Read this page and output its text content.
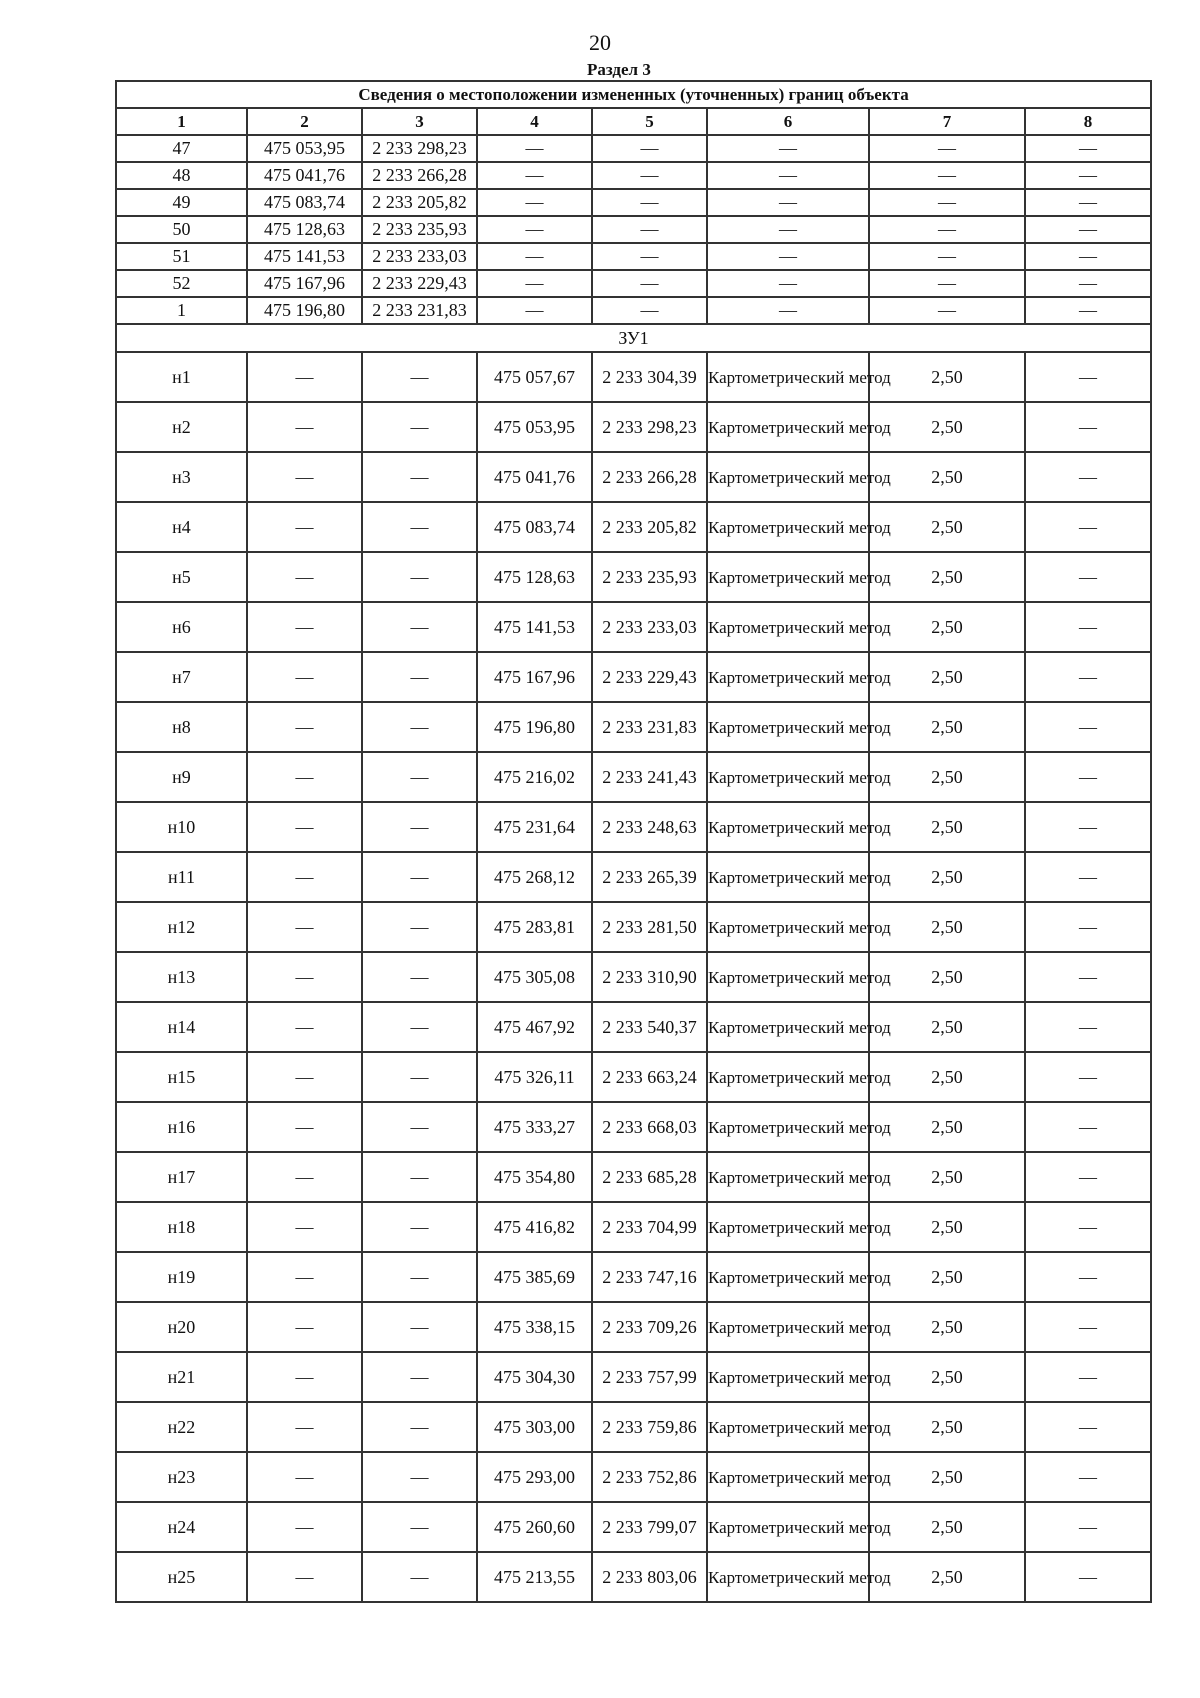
20
Раздел 3
Сведения о местоположении измененных (уточненных) границ объекта							
1	2	3	4	5	6	7	8
47	475 053,95	2 233 298,23	—	—	—	—	—
48	475 041,76	2 233 266,28	—	—	—	—	—
49	475 083,74	2 233 205,82	—	—	—	—	—
50	475 128,63	2 233 235,93	—	—	—	—	—
51	475 141,53	2 233 233,03	—	—	—	—	—
52	475 167,96	2 233 229,43	—	—	—	—	—
1	475 196,80	2 233 231,83	—	—	—	—	—
ЗУ1							
н1	—	—	475 057,67	2 233 304,39	Картометрический метод	2,50	—
н2	—	—	475 053,95	2 233 298,23	Картометрический метод	2,50	—
н3	—	—	475 041,76	2 233 266,28	Картометрический метод	2,50	—
н4	—	—	475 083,74	2 233 205,82	Картометрический метод	2,50	—
н5	—	—	475 128,63	2 233 235,93	Картометрический метод	2,50	—
н6	—	—	475 141,53	2 233 233,03	Картометрический метод	2,50	—
н7	—	—	475 167,96	2 233 229,43	Картометрический метод	2,50	—
н8	—	—	475 196,80	2 233 231,83	Картометрический метод	2,50	—
н9	—	—	475 216,02	2 233 241,43	Картометрический метод	2,50	—
н10	—	—	475 231,64	2 233 248,63	Картометрический метод	2,50	—
н11	—	—	475 268,12	2 233 265,39	Картометрический метод	2,50	—
н12	—	—	475 283,81	2 233 281,50	Картометрический метод	2,50	—
н13	—	—	475 305,08	2 233 310,90	Картометрический метод	2,50	—
н14	—	—	475 467,92	2 233 540,37	Картометрический метод	2,50	—
н15	—	—	475 326,11	2 233 663,24	Картометрический метод	2,50	—
н16	—	—	475 333,27	2 233 668,03	Картометрический метод	2,50	—
н17	—	—	475 354,80	2 233 685,28	Картометрический метод	2,50	—
н18	—	—	475 416,82	2 233 704,99	Картометрический метод	2,50	—
н19	—	—	475 385,69	2 233 747,16	Картометрический метод	2,50	—
н20	—	—	475 338,15	2 233 709,26	Картометрический метод	2,50	—
н21	—	—	475 304,30	2 233 757,99	Картометрический метод	2,50	—
н22	—	—	475 303,00	2 233 759,86	Картометрический метод	2,50	—
н23	—	—	475 293,00	2 233 752,86	Картометрический метод	2,50	—
н24	—	—	475 260,60	2 233 799,07	Картометрический метод	2,50	—
н25	—	—	475 213,55	2 233 803,06	Картометрический метод	2,50	—
